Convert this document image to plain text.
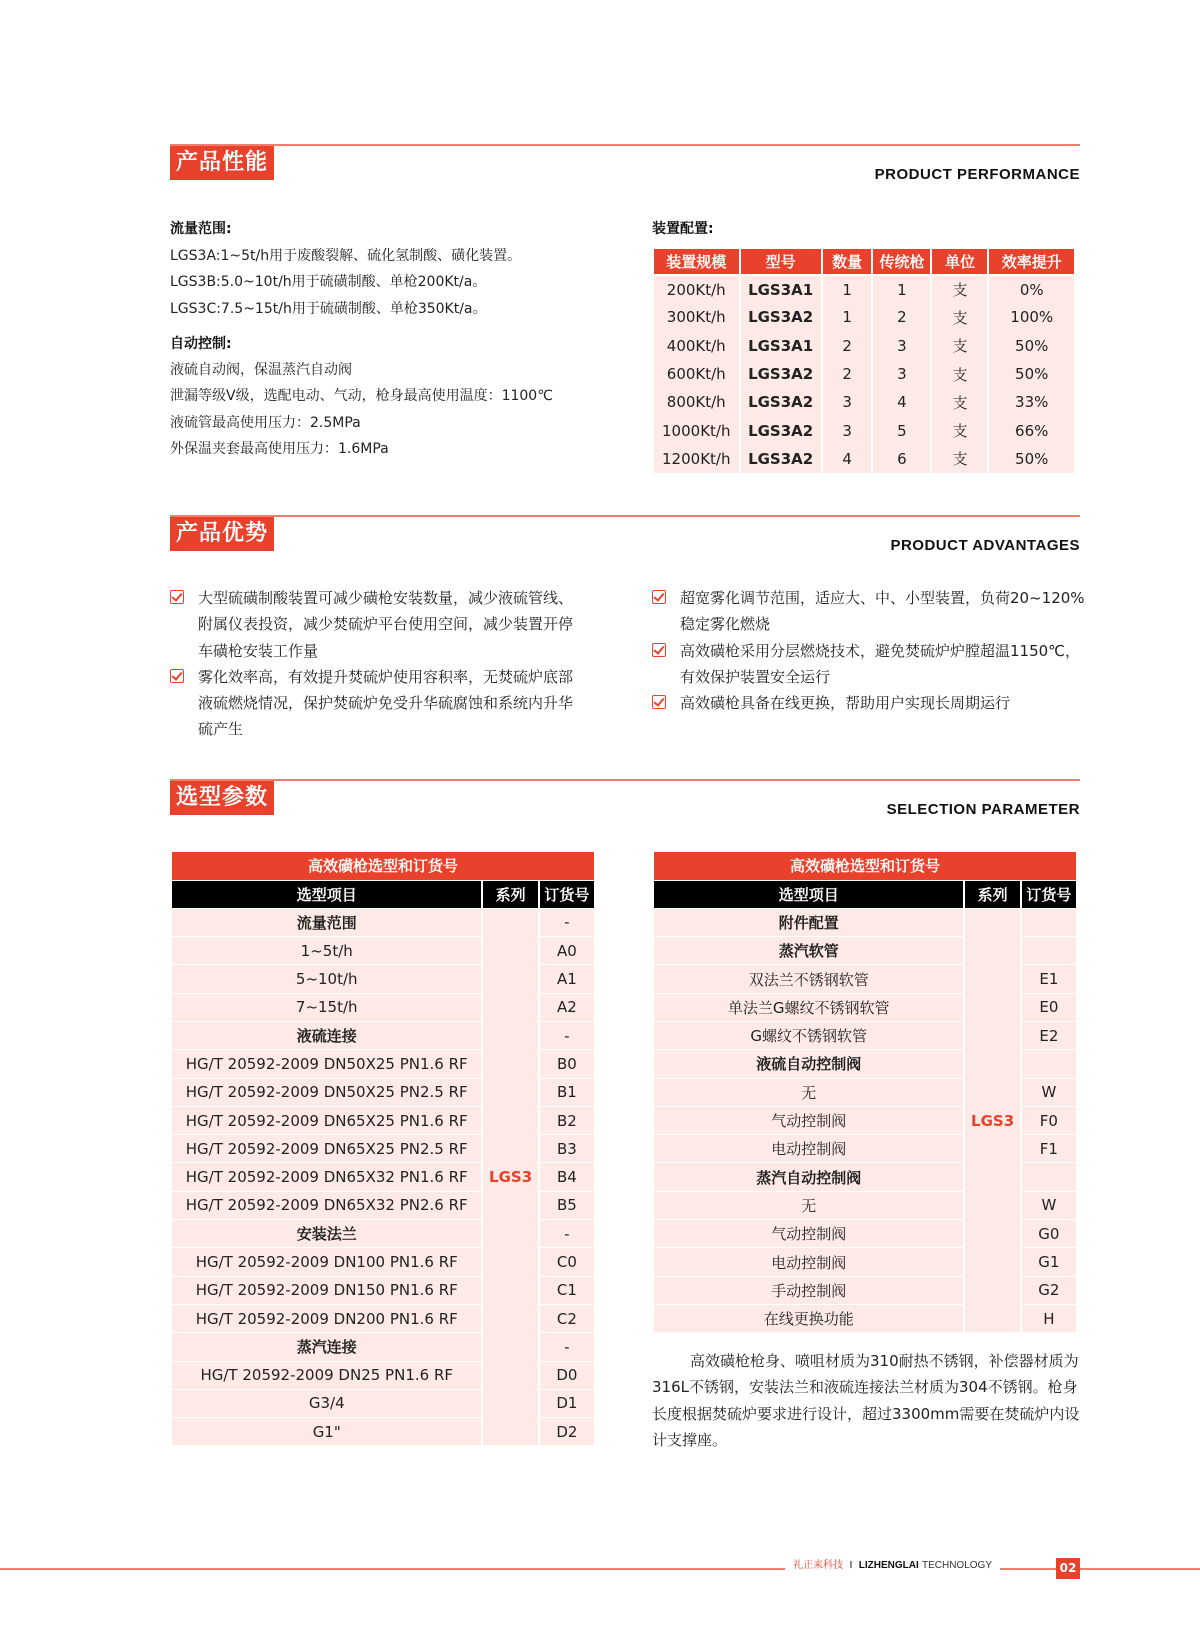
产品性能	PRODUCT PERFORMANCE
流量范围:
LGS3A:1~5t/h用于废酸裂解、硫化氢制酸、磺化装置。
LGS3B:5.0~10t/h用于硫磺制酸、单枪200Kt/a。
LGS3C:7.5~15t/h用于硫磺制酸、单枪350Kt/a。
自动控制:
液硫自动阀，保温蒸汽自动阀
泄漏等级V级，选配电动、气动，枪身最高使用温度：1100℃
液硫管最高使用压力：2.5MPa
外保温夹套最高使用压力：1.6MPa
装置配置:
装置规模	型号	数量	传统枪	单位	效率提升
200Kt/h	LGS3A1	1	1	支	0%
300Kt/h	LGS3A2	1	2	支	100%
400Kt/h	LGS3A1	2	3	支	50%
600Kt/h	LGS3A2	2	3	支	50%
800Kt/h	LGS3A2	3	4	支	33%
1000Kt/h	LGS3A2	3	5	支	66%
1200Kt/h	LGS3A2	4	6	支	50%
产品优势	PRODUCT ADVANTAGES
大型硫磺制酸装置可减少磺枪安装数量，减少液硫管线、
附属仪表投资，减少焚硫炉平台使用空间，减少装置开停
车磺枪安装工作量
雾化效率高，有效提升焚硫炉使用容积率，无焚硫炉底部
液硫燃烧情况，保护焚硫炉免受升华硫腐蚀和系统内升华
硫产生
超宽雾化调节范围，适应大、中、小型装置，负荷20~120%
稳定雾化燃烧
高效磺枪采用分层燃烧技术，避免焚硫炉炉膛超温1150℃，
有效保护装置安全运行
高效磺枪具备在线更换，帮助用户实现长周期运行
选型参数	SELECTION PARAMETER
高效磺枪选型和订货号		
选型项目	系列	订货号
流量范围	LGS3	-
1~5t/h		A0
5~10t/h		A1
7~15t/h		A2
液硫连接		-
HG/T 20592-2009 DN50X25 PN1.6 RF		B0
HG/T 20592-2009 DN50X25 PN2.5 RF		B1
HG/T 20592-2009 DN65X25 PN1.6 RF		B2
HG/T 20592-2009 DN65X25 PN2.5 RF		B3
HG/T 20592-2009 DN65X32 PN1.6 RF		B4
HG/T 20592-2009 DN65X32 PN2.6 RF		B5
安装法兰		-
HG/T 20592-2009 DN100 PN1.6 RF		C0
HG/T 20592-2009 DN150 PN1.6 RF		C1
HG/T 20592-2009 DN200 PN1.6 RF		C2
蒸汽连接		-
HG/T 20592-2009 DN25 PN1.6 RF		D0
G3/4		D1
G1"		D2
高效磺枪选型和订货号		
选型项目	系列	订货号
附件配置	LGS3	
蒸汽软管		
双法兰不锈钢软管		E1
单法兰G螺纹不锈钢软管		E0
G螺纹不锈钢软管		E2
液硫自动控制阀		
无		W
气动控制阀		F0
电动控制阀		F1
蒸汽自动控制阀		
无		W
气动控制阀		G0
电动控制阀		G1
手动控制阀		G2
在线更换功能		H
高效磺枪枪身、喷咀材质为310耐热不锈钢，补偿器材质为316L不锈钢，安装法兰和液硫连接法兰材质为304不锈钢。枪身长度根据焚硫炉要求进行设计，超过3300mm需要在焚硫炉内设计支撑座。
礼正来科技 I LIZHENGLAI TECHNOLOGY	02
